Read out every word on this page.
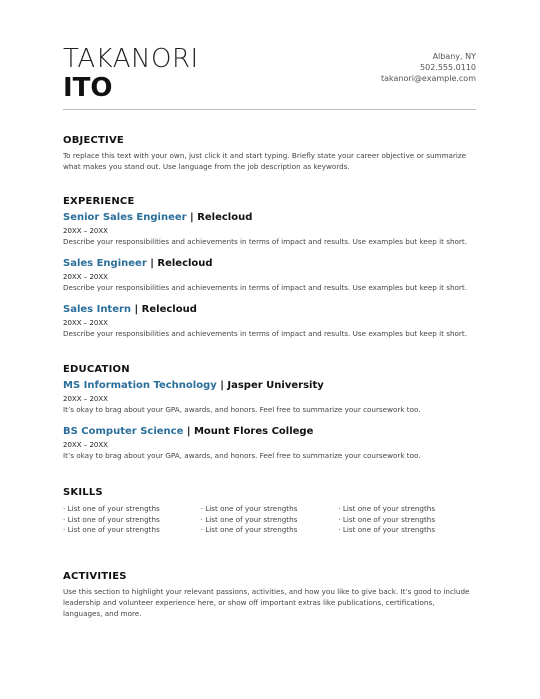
TAKANORI
ITO
Albany, NY
502.555.0110
takanori@example.com
OBJECTIVE
To replace this text with your own, just click it and start typing. Briefly state your career objective or summarize what makes you stand out. Use language from the job description as keywords.
EXPERIENCE
Senior Sales Engineer | Relecloud
20XX – 20XX
Describe your responsibilities and achievements in terms of impact and results. Use examples but keep it short.
Sales Engineer | Relecloud
20XX – 20XX
Describe your responsibilities and achievements in terms of impact and results. Use examples but keep it short.
Sales Intern | Relecloud
20XX – 20XX
Describe your responsibilities and achievements in terms of impact and results. Use examples but keep it short.
EDUCATION
MS Information Technology | Jasper University
20XX – 20XX
It’s okay to brag about your GPA, awards, and honors. Feel free to summarize your coursework too.
BS Computer Science | Mount Flores College
20XX – 20XX
It’s okay to brag about your GPA, awards, and honors. Feel free to summarize your coursework too.
SKILLS
· List one of your strengths
· List one of your strengths
· List one of your strengths
· List one of your strengths
· List one of your strengths
· List one of your strengths
· List one of your strengths
· List one of your strengths
· List one of your strengths
ACTIVITIES
Use this section to highlight your relevant passions, activities, and how you like to give back. It’s good to include leadership and volunteer experience here, or show off important extras like publications, certifications, languages, and more.
